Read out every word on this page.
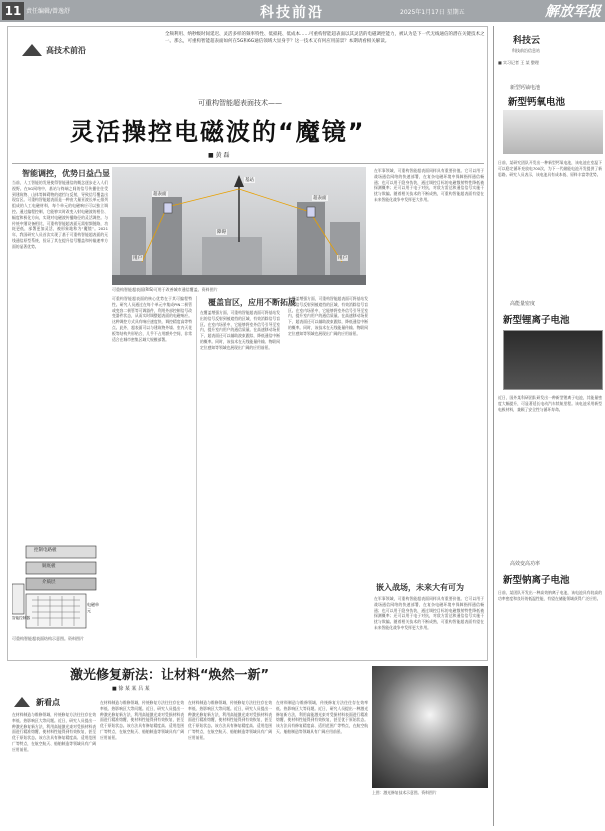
11 责任编辑/曾逸舒	科技前沿	2025年1月17日 星期五	解放军报
高技术前沿
全频利用、纳秒级时间延迟、灵活多样的频率特性、低损耗、低成本……可重构智能超表面以其灵活的电磁调控能力，被认为是下一代无线通信的潜在关键技术之一。那么，可重构智能超表面如何在5G和6G通信领域大显身手？这一技术又有何应用前景？本期请看相关解读。
可重构智能超表面技术——
灵活操控电磁波的“魔镜”
■ 黄 磊
智能调控，优势日益凸显
当前，人工智能的发展使得智能通信的概念逐步走入人们视野。在5G网络中，基站与终端之间的信号传播往往受到建筑物、山体等障碍物的遮挡与反射，导致信号覆盖出现盲区。可重构智能超表面是一种由大量亚波长单元排列组成的人工电磁材料，每个单元的电磁响应可以独立调控。通过编程控制，它能够实时改变入射电磁波的相位、幅度和极化方向，实现对电磁波传播路径的灵活调控。与传统中继设备相比，可重构智能超表面无需射频链路，功耗更低，部署更加灵活，被形象地称为“魔镜”。2021年，我国研究人员首次实现了基于可重构智能超表面的无线通信原型系统，验证了其在提升信号覆盖和传输速率方面的显著优势。
超表面
基站
用户	用户
超表面
障碍
可重构智能超表面(RIS)可用于改善城市通信覆盖。资料图片
可重构智能超表面的核心优势在于其可编程特性。研究人员通过在每个单元中集成PIN二极管或变容二极管等可调器件，利用外部控制信号改变器件状态，从而实时调整超表面的电磁响应。这种调控方式具有响应速度快、调控精度高等特点。此外，超表面可以与建筑物外墙、室内天花板等结构共形贴合，几乎不占用额外空间，非常适合在城市密集区域大规模部署。
覆盖盲区，应用不断拓展
在覆盖增强方面，可重构智能超表面可将基站发出的信号反射到被遮挡的区域，有效消除信号盲区。在室内场景中，它能够将室外信号引导至室内，提升室内用户的通信质量。在高速移动场景下，超表面还可以辅助波束跟踪，降低通信中断的概率。同时，该技术在无线能量传输、物联网定位感知等领域也展现出广阔的应用前景。
在覆盖增强方面，可重构智能超表面可将基站发出的信号反射到被遮挡的区域，有效消除信号盲区。在室内场景中，它能够将室外信号引导至室内，提升室内用户的通信质量。在高速移动场景下，超表面还可以辅助波束跟踪，降低通信中断的概率。同时，该技术在无线能量传输、物联网定位感知等领域也展现出广阔的应用前景。
在军事领域，可重构智能超表面同样具有重要价值。它可以用于战场通信网络的快速部署，在复杂电磁环境中保障指挥通信畅通；也可以用于隐身伪装，通过调控目标的电磁散射特性降低被探测概率；还可以用于电子对抗，对敌方雷达和通信信号实施干扰与欺骗。随着相关技术的不断成熟，可重构智能超表面有望在未来智能化战争中发挥更大作用。
嵌入战场，未来大有可为
在军事领域，可重构智能超表面同样具有重要价值。它可以用于战场通信网络的快速部署，在复杂电磁环境中保障指挥通信畅通；也可以用于隐身伪装，通过调控目标的电磁散射特性降低被探测概率；还可以用于电子对抗，对敌方雷达和通信信号实施干扰与欺骗。随着相关技术的不断成熟，可重构智能超表面有望在未来智能化战争中发挥更大作用。
控制电路板
铜底板
介质层
电磁单元
智能控制器
可重构智能超表面结构示意图。资料图片
科技云
科技前沿信息站
■ 实习记者 王 某 整理
新型钙铀电池
新型钙氧电池
日前，某研究团队开发出一种新型钙氧电池，该电池在室温下可以稳定循环充放电700次，为下一代储能电池开发提供了新思路。研究人员表示，该电池具有成本低、原料丰富等优势。
高能量密度
新型锂离子电池
近日，国外某科研团队研发出一种新型锂离子电池，其能量密度大幅提升，可显著延长电动汽车续航里程。该电池采用新型电极材料，兼顾了安全性与循环寿命。
高效变高功率
新型钠离子电池
日前，某团队开发出一种高效钠离子电池，该电池具有较高的功率密度和良好的低温性能，有望在储能领域获得广泛应用。
激光修复新法：让材料“焕然一新”
■ 徐 某 某 吕 某
新看点
在材料制造与维修领域，传统修复方法往往存在效率低、热影响区大等问题。近日，研究人员提出一种激光修复新方法，利用高能激光束对受损材料表面进行精准熔覆，使材料性能得到有效恢复，甚至优于原始状态。该方法具有修复精度高、适用范围广等特点，在航空航天、船舶制造等领域具有广阔应用前景。
在材料制造与维修领域，传统修复方法往往存在效率低、热影响区大等问题。近日，研究人员提出一种激光修复新方法，利用高能激光束对受损材料表面进行精准熔覆，使材料性能得到有效恢复，甚至优于原始状态。该方法具有修复精度高、适用范围广等特点，在航空航天、船舶制造等领域具有广阔应用前景。
在材料制造与维修领域，传统修复方法往往存在效率低、热影响区大等问题。近日，研究人员提出一种激光修复新方法，利用高能激光束对受损材料表面进行精准熔覆，使材料性能得到有效恢复，甚至优于原始状态。该方法具有修复精度高、适用范围广等特点，在航空航天、船舶制造等领域具有广阔应用前景。
在材料制造与维修领域，传统修复方法往往存在效率低、热影响区大等问题。近日，研究人员提出一种激光修复新方法，利用高能激光束对受损材料表面进行精准熔覆，使材料性能得到有效恢复，甚至优于原始状态。该方法具有修复精度高、适用范围广等特点，在航空航天、船舶制造等领域具有广阔应用前景。
上图：激光修复技术示意图。资料图片
